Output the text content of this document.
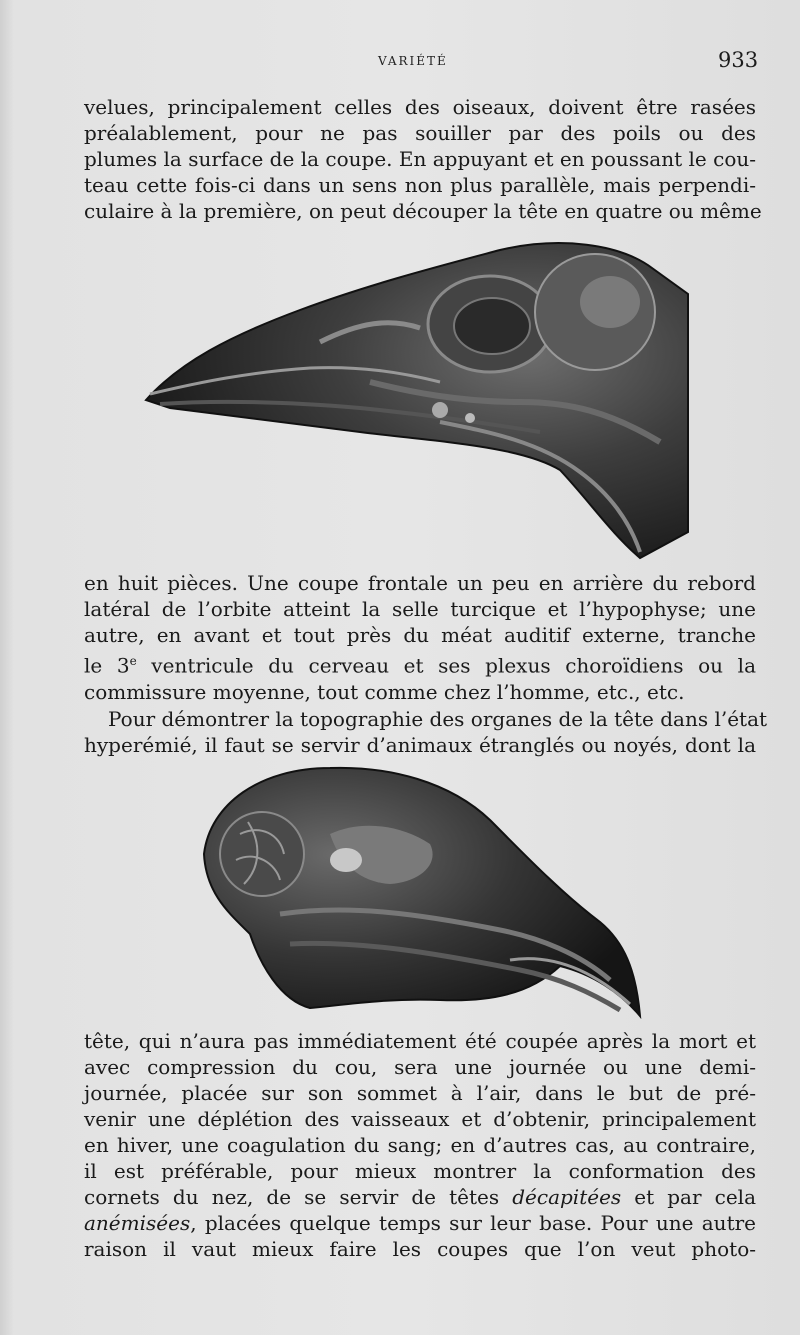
VARIÉTÉ	933

velues, principalement celles des oiseaux, doivent être rasées
préalablement, pour ne pas souiller par des poils ou des
plumes la surface de la coupe. En appuyant et en poussant le cou-
teau cette fois-ci dans un sens non plus parallèle, mais perpendi-
culaire à la première, on peut découper la tête en quatre ou même

en huit pièces. Une coupe frontale un peu en arrière du rebord
latéral de l’orbite atteint la selle turcique et l’hypophyse; une
autre, en avant et tout près du méat auditif externe, tranche
le 3e ventricule du cerveau et ses plexus choroïdiens ou la
commissure moyenne, tout comme chez l’homme, etc., etc.

Pour démontrer la topographie des organes de la tête dans l’état
hyperémié, il faut se servir d’animaux étranglés ou noyés, dont la

tête, qui n’aura pas immédiatement été coupée après la mort et
avec compression du cou, sera une journée ou une demi-
journée, placée sur son sommet à l’air, dans le but de pré-
venir une déplétion des vaisseaux et d’obtenir, principalement
en hiver, une coagulation du sang; en d’autres cas, au contraire,
il est préférable, pour mieux montrer la conformation des
cornets du nez, de se servir de têtes décapitées et par cela
anémisées, placées quelque temps sur leur base. Pour une autre
raison il vaut mieux faire les coupes que l’on veut photo-
